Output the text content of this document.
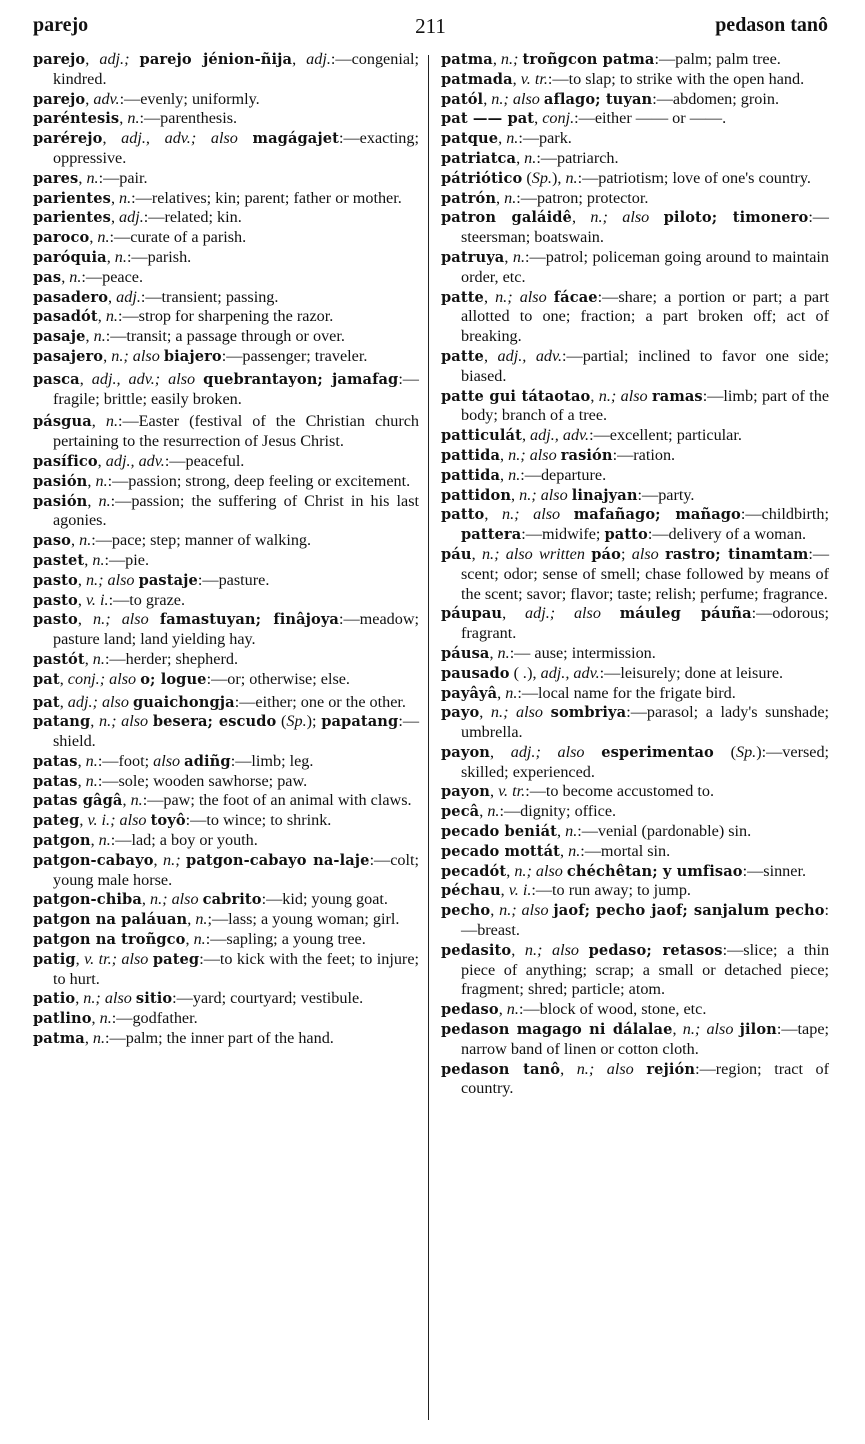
parejo	211	pedason tanô

parejo, adj.; parejo jénion-ñija, adj.:—congenial; kindred.

parejo, adv.:—evenly; uniformly.

paréntesis, n.:—parenthesis.

parérejo, adj., adv.; also magágajet:—exacting; oppressive.

pares, n.:—pair.

parientes, n.:—relatives; kin; parent; father or mother.

parientes, adj.:—related; kin.

paroco, n.:—curate of a parish.

paróquia, n.:—parish.

pas, n.:—peace.

pasadero, adj.:—transient; passing.

pasadót, n.:—strop for sharpening the razor.

pasaje, n.:—transit; a passage through or over.

pasajero, n.; also biajero:—passenger; traveler.

pasca, adj., adv.; also quebrantayon; jamafag:—fragile; brittle; easily broken.

pásgua, n.:—Easter (festival of the Christian church pertaining to the resurrection of Jesus Christ.

pasífico, adj., adv.:—peaceful.

pasión, n.:—passion; strong, deep feeling or excitement.

pasión, n.:—passion; the suffering of Christ in his last agonies.

paso, n.:—pace; step; manner of walking.

pastet, n.:—pie.

pasto, n.; also pastaje:—pasture.

pasto, v. i.:—to graze.

pasto, n.; also famastuyan; finâjoya:—meadow; pasture land; land yielding hay.

pastót, n.:—herder; shepherd.

pat, conj.; also o; logue:—or; otherwise; else.

pat, adj.; also guaichongja:—either; one or the other.

patang, n.; also besera; escudo (Sp.); papatang:—shield.

patas, n.:—foot; also adiñg:—limb; leg.

patas, n.:—sole; wooden sawhorse; paw.

patas gâgâ, n.:—paw; the foot of an animal with claws.

pateg, v. i.; also toyô:—to wince; to shrink.

patgon, n.:—lad; a boy or youth.

patgon-cabayo, n.; patgon-cabayo na-laje:—colt; young male horse.

patgon-chiba, n.; also cabrito:—kid; young goat.

patgon na paláuan, n.;—lass; a young woman; girl.

patgon na troñgco, n.:—sapling; a young tree.

patig, v. tr.; also pateg:—to kick with the feet; to injure; to hurt.

patio, n.; also sitio:—yard; courtyard; vestibule.

patlino, n.:—godfather.

patma, n.:—palm; the inner part of the hand.

patma, n.; troñgcon patma:—palm; palm tree.

patmada, v. tr.:—to slap; to strike with the open hand.

patól, n.; also aflago; tuyan:—abdomen; groin.

pat —— pat, conj.:—either —— or ——.

patque, n.:—park.

patriatca, n.:—patriarch.

pátriótico (Sp.), n.:—patriotism; love of one's country.

patrón, n.:—patron; protector.

patron galáidê, n.; also piloto; timonero:—steersman; boatswain.

patruya, n.:—patrol; policeman going around to maintain order, etc.

patte, n.; also fácae:—share; a portion or part; a part allotted to one; fraction; a part broken off; act of breaking.

patte, adj., adv.:—partial; inclined to favor one side; biased.

patte gui tátaotao, n.; also ramas:—limb; part of the body; branch of a tree.

patticulát, adj., adv.:—excellent; particular.

pattida, n.; also rasión:—ration.

pattida, n.:—departure.

pattidon, n.; also linajyan:—party.

patto, n.; also mafañago; mañago:—childbirth; pattera:—midwife; patto:—delivery of a woman.

páu, n.; also written páo; also rastro; tinamtam:—scent; odor; sense of smell; chase followed by means of the scent; savor; flavor; taste; relish; perfume; fragrance.

páupau, adj.; also máuleg páuña:—odorous; fragrant.

páusa, n.:— ause; intermission.

pausado ( .), adj., adv.:—leisurely; done at leisure.

payâyâ, n.:—local name for the frigate bird.

payo, n.; also sombriya:—parasol; a lady's sunshade; umbrella.

payon, adj.; also esperimentao (Sp.):—versed; skilled; experienced.

payon, v. tr.:—to become accustomed to.

pecâ, n.:—dignity; office.

pecado beniát, n.:—venial (pardonable) sin.

pecado mottát, n.:—mortal sin.

pecadót, n.; also chéchêtan; y umfisao:—sinner.

péchau, v. i.:—to run away; to jump.

pecho, n.; also jaof; pecho jaof; sanjalum pecho:—breast.

pedasito, n.; also pedaso; retasos:—slice; a thin piece of anything; scrap; a small or detached piece; fragment; shred; particle; atom.

pedaso, n.:—block of wood, stone, etc.

pedason magago ni dálalae, n.; also jilon:—tape; narrow band of linen or cotton cloth.

pedason tanô, n.; also rejión:—region; tract of country.
